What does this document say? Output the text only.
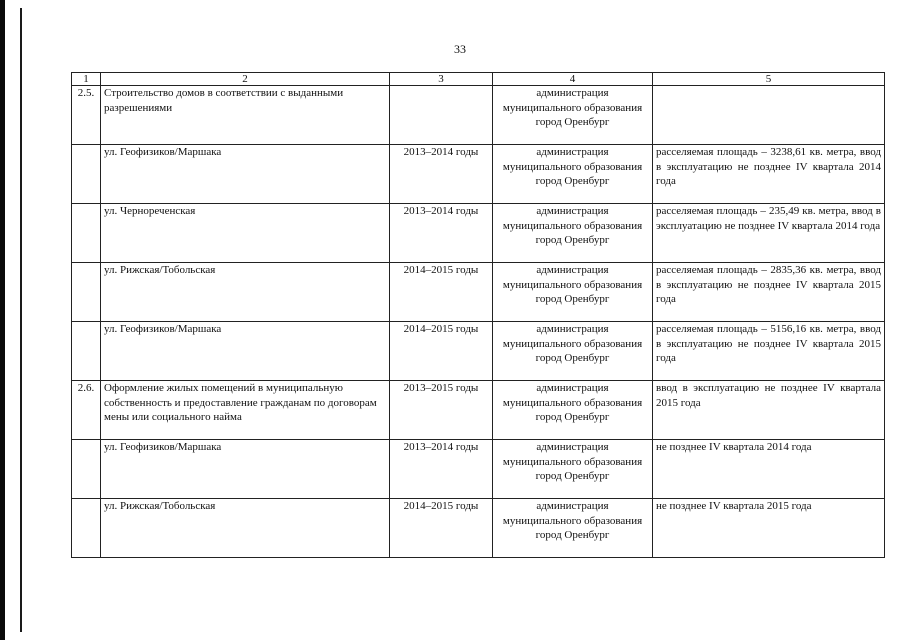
33
1	2	3	4	5
2.5.	Строительство домов в соответствии с выданными разрешениями		администрация муниципального образования город Оренбург	
	ул. Геофизиков/Маршака	2013–2014 годы	администрация муниципального образования город Оренбург	расселяемая площадь – 3238,61 кв. метра, ввод в эксплуатацию не позднее IV квартала 2014 года
	ул. Чернореченская	2013–2014 годы	администрация муниципального образования город Оренбург	расселяемая площадь – 235,49 кв. метра, ввод в эксплуатацию не позднее IV квартала 2014 года
	ул. Рижская/Тобольская	2014–2015 годы	администрация муниципального образования город Оренбург	расселяемая площадь – 2835,36 кв. метра, ввод в эксплуатацию не позднее IV квартала 2015 года
	ул. Геофизиков/Маршака	2014–2015 годы	администрация муниципального образования город Оренбург	расселяемая площадь – 5156,16 кв. метра, ввод в эксплуатацию не позднее IV квартала 2015 года
2.6.	Оформление жилых помещений в муниципальную собственность и предоставление гражданам по договорам мены или социального найма	2013–2015 годы	администрация муниципального образования город Оренбург	ввод в эксплуатацию не позднее IV квартала 2015 года
	ул. Геофизиков/Маршака	2013–2014 годы	администрация муниципального образования город Оренбург	не позднее IV квартала 2014 года
	ул. Рижская/Тобольская	2014–2015 годы	администрация муниципального образования город Оренбург	не позднее IV квартала 2015 года
